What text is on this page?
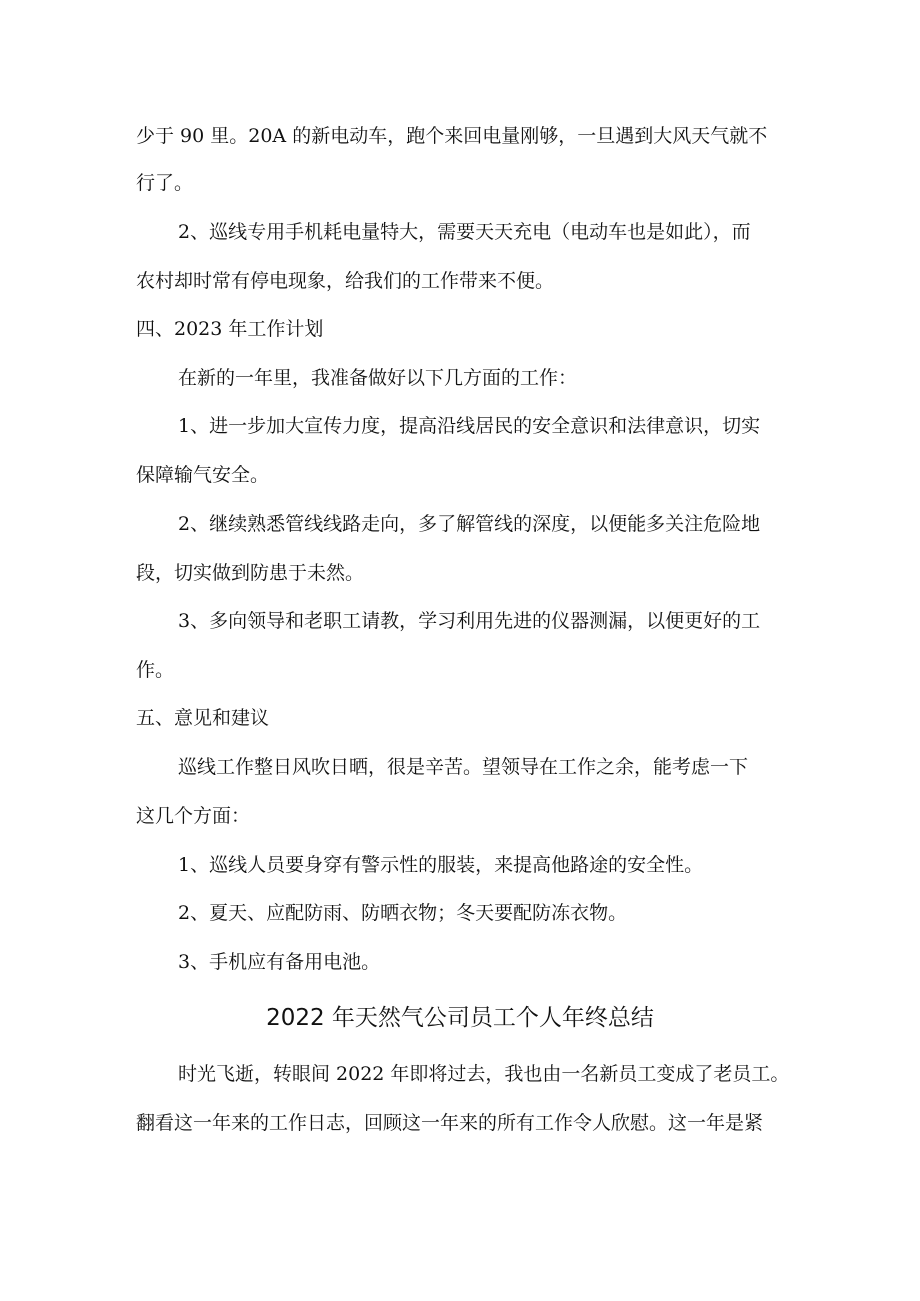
少于 90 里。20A 的新电动车，跑个来回电量刚够，一旦遇到大风天气就不
行了。
2、巡线专用手机耗电量特大，需要天天充电（电动车也是如此），而
农村却时常有停电现象，给我们的工作带来不便。
四、2023 年工作计划
在新的一年里，我准备做好以下几方面的工作：
1、进一步加大宣传力度，提高沿线居民的安全意识和法律意识，切实
保障输气安全。
2、继续熟悉管线线路走向，多了解管线的深度，以便能多关注危险地
段，切实做到防患于未然。
3、多向领导和老职工请教，学习利用先进的仪器测漏，以便更好的工
作。
五、意见和建议
巡线工作整日风吹日晒，很是辛苦。望领导在工作之余，能考虑一下
这几个方面：
1、巡线人员要身穿有警示性的服装，来提高他路途的安全性。
2、夏天、应配防雨、防晒衣物；冬天要配防冻衣物。
3、手机应有备用电池。
2022 年天然气公司员工个人年终总结
时光飞逝，转眼间 2022 年即将过去，我也由一名新员工变成了老员工。
翻看这一年来的工作日志，回顾这一年来的所有工作令人欣慰。这一年是紧
